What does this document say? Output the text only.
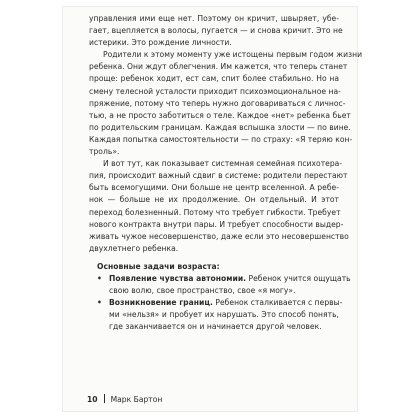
управления ими еще нет. Поэтому он кричит, швыряет, убе-
гает, вцепляется в волосы, пугается — и снова кричит. Это не
истерики. Это рождение личности.

Родители к этому моменту уже истощены первым годом жизни
ребенка. Они ждут облегчения. Им кажется, что теперь станет
проще: ребенок ходит, ест сам, спит более стабильно. Но на
смену телесной усталости приходит психоэмоциональное на-
пряжение, потому что теперь нужно договариваться с личнос-
тью, а не просто заботиться о теле. Каждое «нет» ребенка бьет
по родительским границам. Каждая вспышка злости — по вине.
Каждая попытка самостоятельности — по страху: «Я теряю кон-
троль».

И вот тут, как показывает системная семейная психотера-
пия, происходит важный сдвиг в системе: родители перестают
быть всемогущими. Они больше не центр вселенной. А ребе-
нок — больше не их продолжение. Он отдельный. И этот
переход болезненный. Потому что требует гибкости. Требует
нового контракта внутри пары. И требует способности выдер-
живать чужое несовершенство, даже если это несовершенство
двухлетнего ребенка.

Основные задачи возраста:

• Появление чувства автономии. Ребенок учится ощущать
свою волю, свое пространство, свое «я могу».

• Возникновение границ. Ребенок сталкивается с первы-
ми «нельзя» и пробует их нарушать. Это способ понять,
где заканчивается он и начинается другой человек.

10 Марк Бартон
